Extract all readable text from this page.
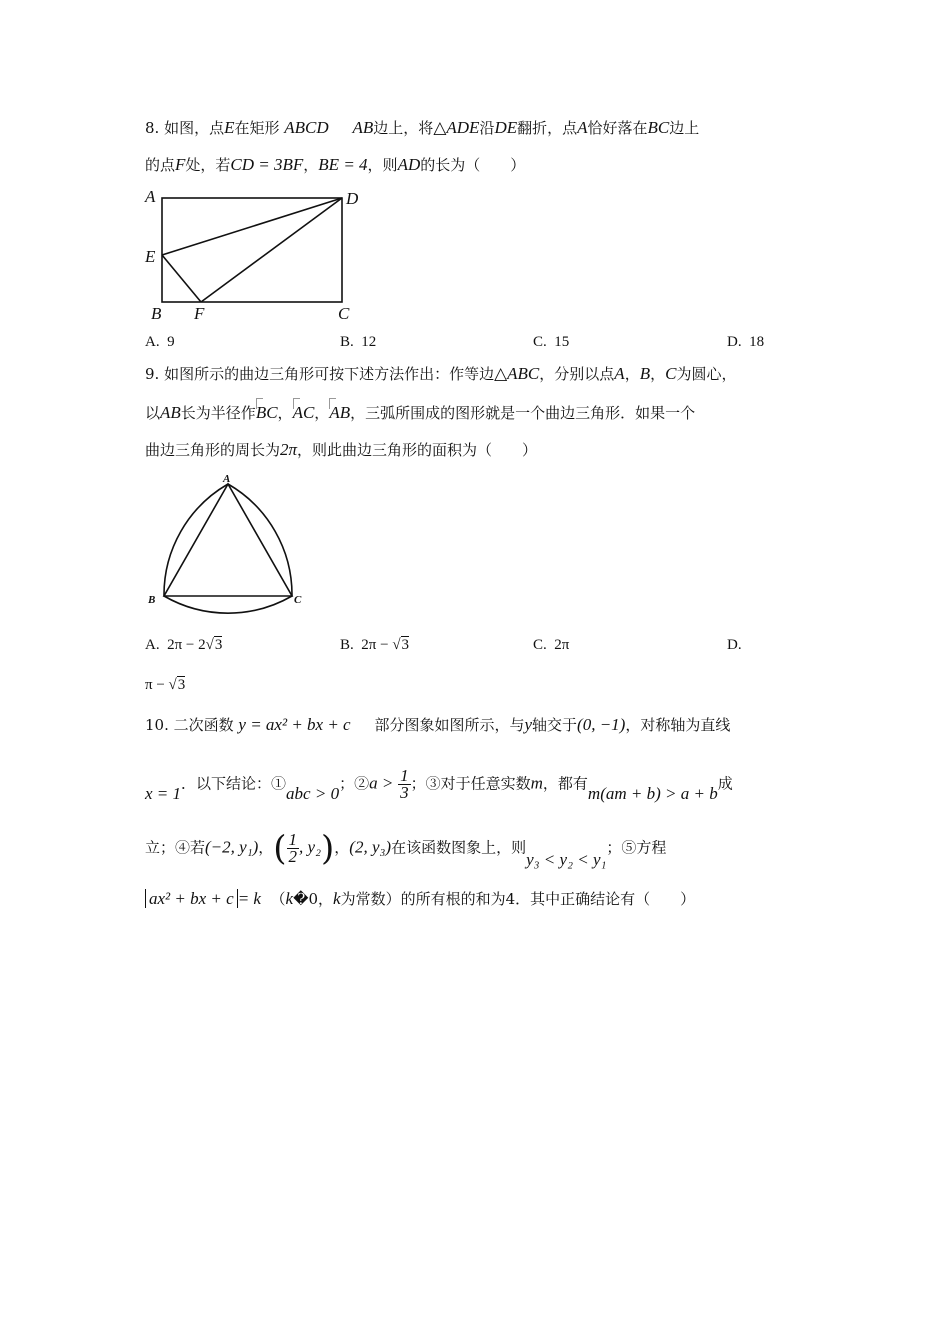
8. 如图，点E在矩形 ABCD AB边上，将△ADE沿DE翻折，点A恰好落在BC边上
的点F处，若CD = 3BF，BE = 4，则AD的长为（　　）
A	D
E
B F	C
A. 9	B. 12	C. 15	D. 18
9. 如图所示的曲边三角形可按下述方法作出：作等边△ABC，分别以点A，B，C为圆心，
以AB长为半径作BC，AC，AB，三弧所围成的图形就是一个曲边三角形．如果一个
曲边三角形的周长为2π，则此曲边三角形的面积为（　　）
A
B	C
A. 2π − 2√3	B. 2π − √3	C. 2π	D.
π − √3
10. 二次函数 y = ax² + bx + c 部分图象如图所示，与y轴交于(0, −1)，对称轴为直线
x = 1．以下结论：①abc > 0；②a > $\frac{1}{3}$ ；③对于任意实数m，都有m(am + b) > a + b成
立；④若(−2, y₁)，( $\frac{1}{2}$ , y₂)，(2, y₃)在该函数图象上，则y₃ < y₂ < y₁；⑤方程
ax² + bx + c = k （k�0，k为常数）的所有根的和为4．其中正确结论有（　　）
